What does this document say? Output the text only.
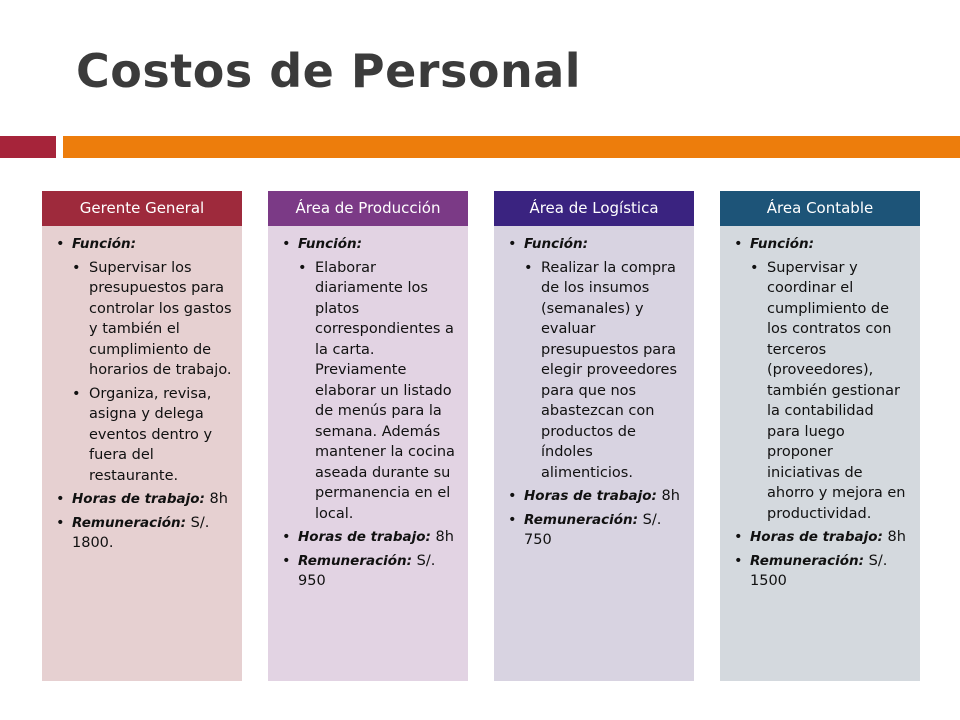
Costos de Personal
Gerente General
• Función:
• Supervisar los presupuestos para controlar los gastos y también el cumplimiento de horarios de trabajo.
• Organiza, revisa, asigna y delega eventos dentro y fuera del restaurante.
• Horas de trabajo: 8h
• Remuneración: S/. 1800.
Área de Producción
• Función:
• Elaborar diariamente los platos correspondientes a la carta. Previamente elaborar un listado de menús para la semana. Además mantener la cocina aseada durante su permanencia en el local.
• Horas de trabajo: 8h
• Remuneración: S/. 950
Área de Logística
• Función:
• Realizar la compra de los insumos (semanales) y evaluar presupuestos para elegir proveedores para que nos abastezcan con productos de índoles alimenticios.
• Horas de trabajo: 8h
• Remuneración: S/. 750
Área Contable
• Función:
• Supervisar y coordinar el cumplimiento de los contratos con terceros (proveedores), también gestionar la contabilidad para luego proponer iniciativas de ahorro y mejora en productividad.
• Horas de trabajo: 8h
• Remuneración: S/. 1500
